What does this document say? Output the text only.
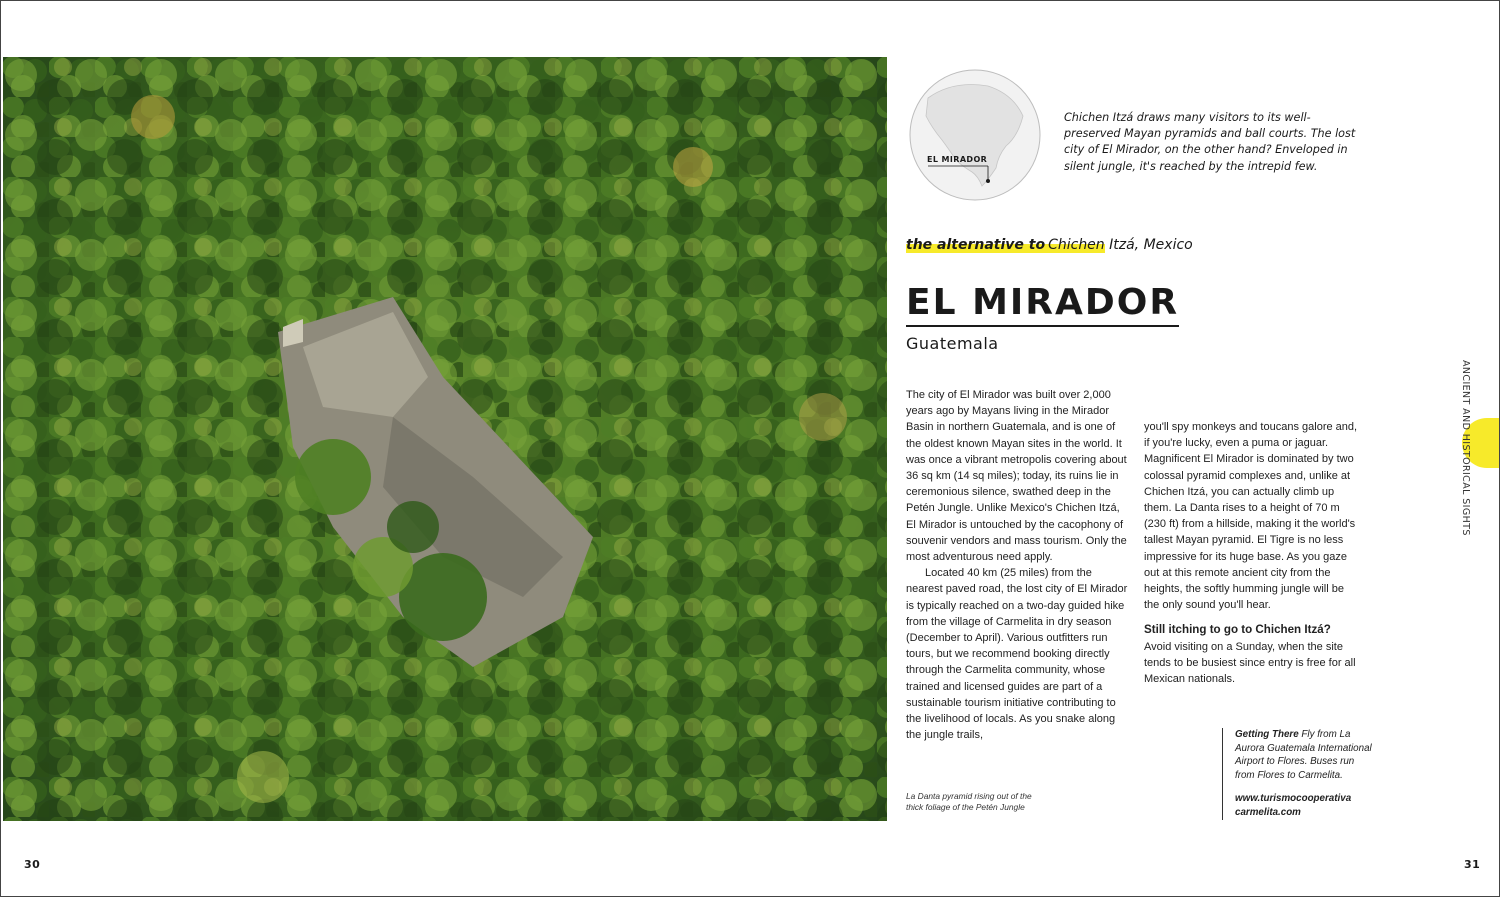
30
EL MIRADOR
Chichen Itzá draws many visitors to its well-preserved Mayan pyramids and ball courts. The lost city of El Mirador, on the other hand? Enveloped in silent jungle, it's reached by the intrepid few.
the alternative to Chichen Itzá, Mexico
EL MIRADOR
Guatemala

The city of El Mirador was built over 2,000 years ago by Mayans living in the Mirador Basin in northern Guatemala, and is one of the oldest known Mayan sites in the world. It was once a vibrant metropolis covering about 36 sq km (14 sq miles); today, its ruins lie in ceremonious silence, swathed deep in the Petén Jungle. Unlike Mexico's Chichen Itzá, El Mirador is untouched by the cacophony of souvenir vendors and mass tourism. Only the most adventurous need apply.

Located 40 km (25 miles) from the nearest paved road, the lost city of El Mirador is typically reached on a two-day guided hike from the village of Carmelita in dry season (December to April). Various outfitters run tours, but we recommend booking directly through the Carmelita community, whose trained and licensed guides are part of a sustainable tourism initiative contributing to the livelihood of locals. As you snake along the jungle trails,

you'll spy monkeys and toucans galore and, if you're lucky, even a puma or jaguar. Magnificent El Mirador is dominated by two colossal pyramid complexes and, unlike at Chichen Itzá, you can actually climb up them. La Danta rises to a height of 70 m (230 ft) from a hillside, making it the world's tallest Mayan pyramid. El Tigre is no less impressive for its huge base. As you gaze out at this remote ancient city from the heights, the softly humming jungle will be the only sound you'll hear.

Still itching to go to Chichen Itzá?

Avoid visiting on a Sunday, when the site tends to be busiest since entry is free for all Mexican nationals.

La Danta pyramid rising out of the thick foliage of the Petén Jungle
Getting There Fly from La Aurora Guatemala International Airport to Flores. Buses run from Flores to Carmelita.
www.turismocooperativa carmelita.com
ANCIENT AND HISTORICAL SIGHTS
31
